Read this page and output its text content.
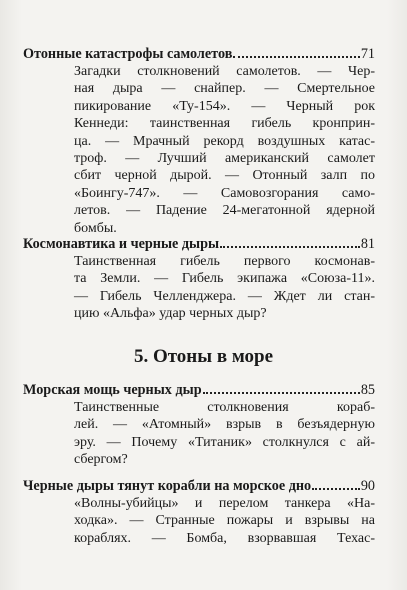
Отонные катастрофы самолетов	71
Загадки столкновений самолетов. — Чер-
ная дыра — снайпер. — Смертельное
пикирование «Ту-154». — Черный рок
Кеннеди: таинственная гибель кронприн-
ца. — Мрачный рекорд воздушных катас-
троф. — Лучший американский самолет
сбит черной дырой. — Отонный залп по
«Боингу-747». — Самовозгорания само-
летов. — Падение 24-мегатонной ядерной
бомбы.
Космонавтика и черные дыры	81
Таинственная гибель первого космонав-
та Земли. — Гибель экипажа «Союза-11».
— Гибель Челленджера. — Ждет ли стан-
цию «Альфа» удар черных дыр?
5. Отоны в море
Морская мощь черных дыр	85
Таинственные столкновения кораб-
лей. — «Атомный» взрыв в безъядерную
эру. — Почему «Титаник» столкнулся с ай-
сбергом?
Черные дыры тянут корабли на морское дно	90
«Волны-убийцы» и перелом танкера «На-
ходка». — Странные пожары и взрывы на
кораблях. — Бомба, взорвавшая Техас-
